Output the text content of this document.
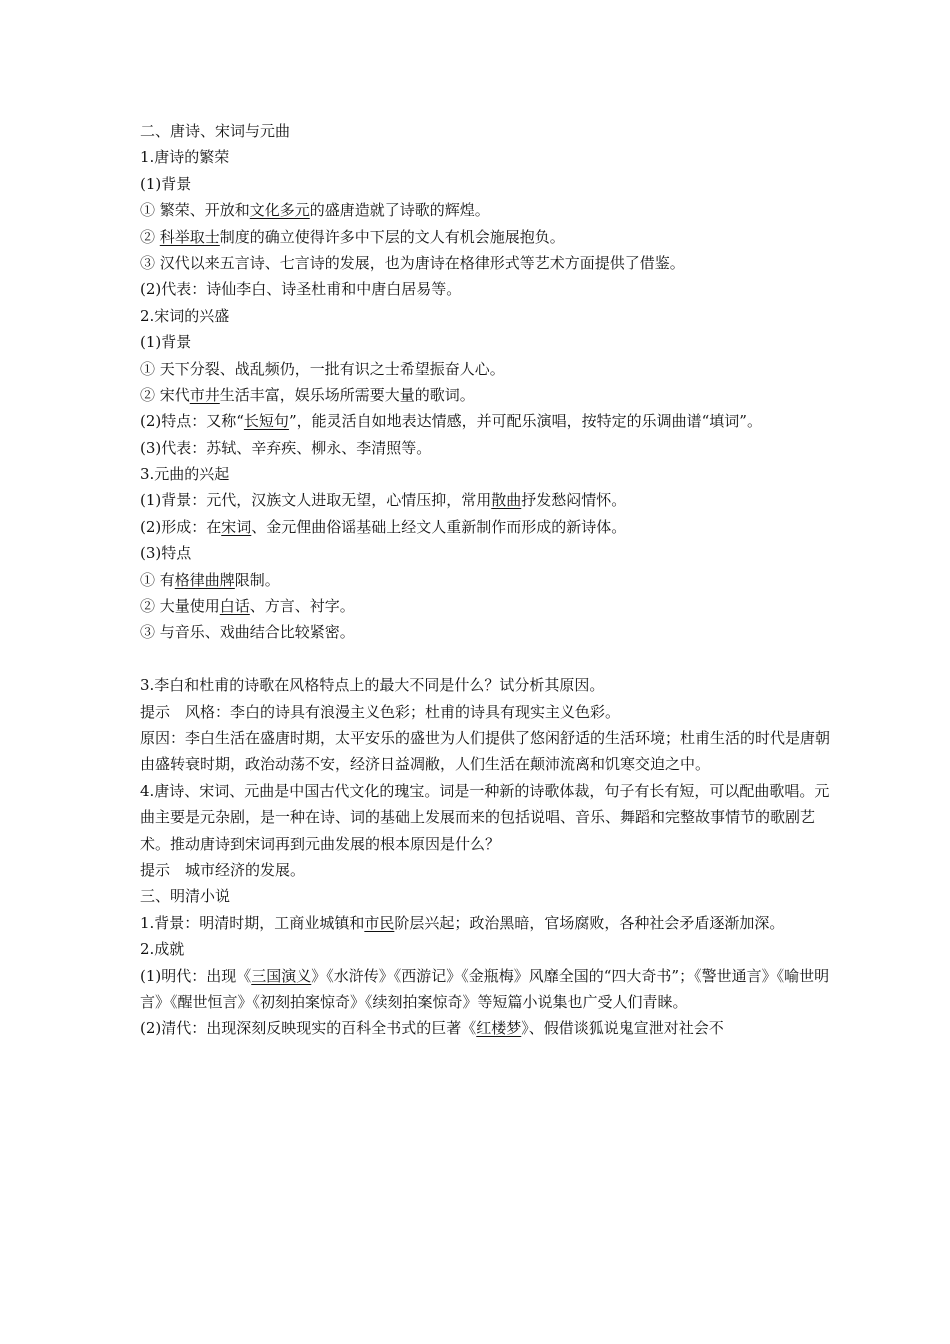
二、唐诗、宋词与元曲
1.唐诗的繁荣
(1)背景
① 繁荣、开放和文化多元的盛唐造就了诗歌的辉煌。
② 科举取士制度的确立使得许多中下层的文人有机会施展抱负。
③ 汉代以来五言诗、七言诗的发展，也为唐诗在格律形式等艺术方面提供了借鉴。
(2)代表：诗仙李白、诗圣杜甫和中唐白居易等。
2.宋词的兴盛
(1)背景
① 天下分裂、战乱频仍，一批有识之士希望振奋人心。
② 宋代市井生活丰富，娱乐场所需要大量的歌词。
(2)特点：又称“长短句”，能灵活自如地表达情感，并可配乐演唱，按特定的乐调曲谱“填词”。
(3)代表：苏轼、辛弃疾、柳永、李清照等。
3.元曲的兴起
(1)背景：元代，汉族文人进取无望，心情压抑，常用散曲抒发愁闷情怀。
(2)形成：在宋词、金元俚曲俗谣基础上经文人重新制作而形成的新诗体。
(3)特点
① 有格律曲牌限制。
② 大量使用白话、方言、衬字。
③ 与音乐、戏曲结合比较紧密。
3.李白和杜甫的诗歌在风格特点上的最大不同是什么？试分析其原因。
提示　风格：李白的诗具有浪漫主义色彩；杜甫的诗具有现实主义色彩。
原因：李白生活在盛唐时期，太平安乐的盛世为人们提供了悠闲舒适的生活环境；杜甫生活的时代是唐朝由盛转衰时期，政治动荡不安，经济日益凋敝，人们生活在颠沛流离和饥寒交迫之中。
4.唐诗、宋词、元曲是中国古代文化的瑰宝。词是一种新的诗歌体裁，句子有长有短，可以配曲歌唱。元曲主要是元杂剧，是一种在诗、词的基础上发展而来的包括说唱、音乐、舞蹈和完整故事情节的歌剧艺术。推动唐诗到宋词再到元曲发展的根本原因是什么？
提示　城市经济的发展。
三、明清小说
1.背景：明清时期，工商业城镇和市民阶层兴起；政治黑暗，官场腐败，各种社会矛盾逐渐加深。
2.成就
(1)明代：出现《三国演义》《水浒传》《西游记》《金瓶梅》风靡全国的“四大奇书”；《警世通言》《喻世明言》《醒世恒言》《初刻拍案惊奇》《续刻拍案惊奇》等短篇小说集也广受人们青睐。
(2)清代：出现深刻反映现实的百科全书式的巨著《红楼梦》、假借谈狐说鬼宣泄对社会不
